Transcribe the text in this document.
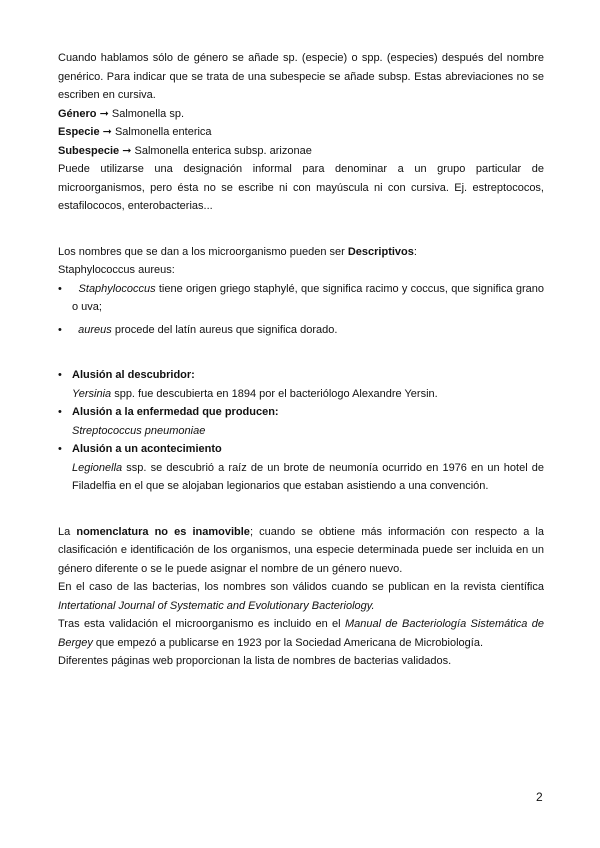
Cuando hablamos sólo de género se añade sp. (especie) o spp. (especies) después del nombre genérico. Para indicar que se trata de una subespecie se añade subsp. Estas abreviaciones no se escriben en cursiva.

Género ➞ Salmonella sp.

Especie ➞ Salmonella enterica

Subespecie ➞ Salmonella enterica subsp. arizonae

Puede utilizarse una designación informal para denominar a un grupo particular de microorganismos, pero ésta no se escribe ni con mayúscula ni con cursiva. Ej. estreptococos, estafilococos, enterobacterias...

Los nombres que se dan a los microorganismo pueden ser Descriptivos:

Staphylococcus aureus:

•	Staphylococcus tiene origen griego staphylé, que significa racimo y coccus, que significa grano o uva;

•	aureus procede del latín aureus que significa dorado.

• Alusión al descubridor:

Yersinia spp. fue descubierta en 1894 por el bacteriólogo Alexandre Yersin.

• Alusión a la enfermedad que producen:

Streptococcus pneumoniae

• Alusión a un acontecimiento

Legionella ssp. se descubrió a raíz de un brote de neumonía ocurrido en 1976 en un hotel de Filadelfia en el que se alojaban legionarios que estaban asistiendo a una convención.

La nomenclatura no es inamovible; cuando se obtiene más información con respecto a la clasificación e identificación de los organismos, una especie determinada puede ser incluida en un género diferente o se le puede asignar el nombre de un género nuevo.

En el caso de las bacterias, los nombres son válidos cuando se publican en la revista científica Intertational Journal of Systematic and Evolutionary Bacteriology.

Tras esta validación el microorganismo es incluido en el Manual de Bacteriología Sistemática de Bergey que empezó a publicarse en 1923 por la Sociedad Americana de Microbiología.

Diferentes páginas web proporcionan la lista de nombres de bacterias validados.

2
